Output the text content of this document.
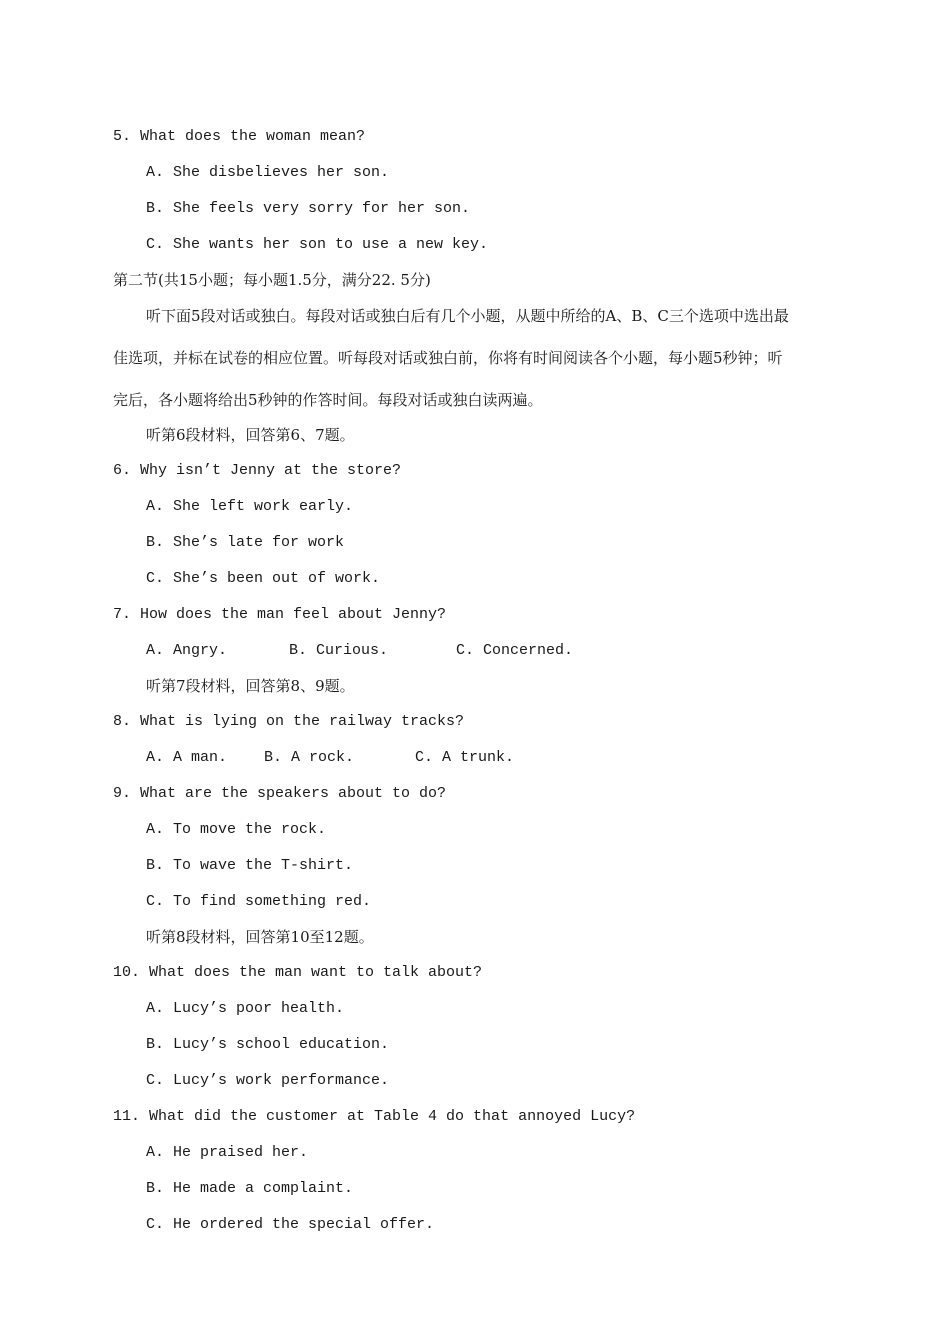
5. What does the woman mean?
A. She disbelieves her son.
B. She feels very sorry for her son.
C. She wants her son to use a new key.
第二节(共15小题；每小题1.5分，满分22. 5分)
听下面5段对话或独白。每段对话或独白后有几个小题，从题中所给的A、B、C三个选项中选出最
佳选项，并标在试卷的相应位置。听每段对话或独白前，你将有时间阅读各个小题，每小题5秒钟；听
完后，各小题将给出5秒钟的作答时间。每段对话或独白读两遍。
听第6段材料，回答第6、7题。
6. Why isn’t Jenny at the store?
A. She left work early.
B. She’s late for work
C. She’s been out of work.
7. How does the man feel about Jenny?
A. Angry.	B. Curious.	C. Concerned.
听第7段材料，回答第8、9题。
8. What is lying on the railway tracks?
A. A man. B. A rock.	C. A trunk.
9. What are the speakers about to do?
A. To move the rock.
B. To wave the T-shirt.
C. To find something red.
听第8段材料，回答第10至12题。
10. What does the man want to talk about?
A. Lucy’s poor health.
B. Lucy’s school education.
C. Lucy’s work performance.
11. What did the customer at Table 4 do that annoyed Lucy?
A. He praised her.
B. He made a complaint.
C. He ordered the special offer.
